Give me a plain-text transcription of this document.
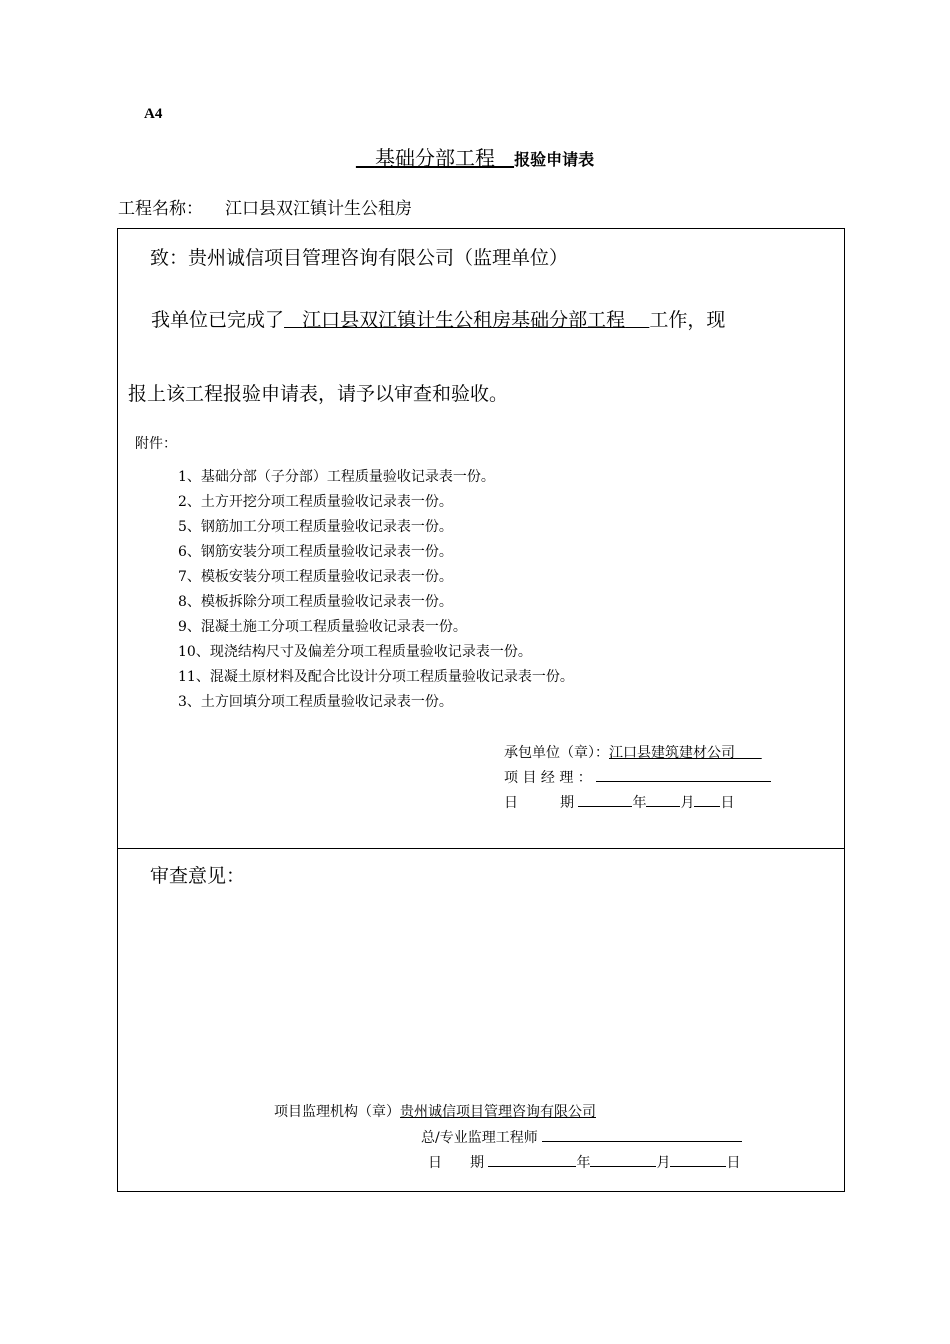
A4
基础分部工程 报验申请表
工程名称： 江口县双江镇计生公租房
致：贵州诚信项目管理咨询有限公司（监理单位）
我单位已完成了 江口县双江镇计生公租房基础分部工程 工作，现
报上该工程报验申请表，请予以审查和验收。
附件：
1、基础分部（子分部）工程质量验收记录表一份。
2、土方开挖分项工程质量验收记录表一份。
5、钢筋加工分项工程质量验收记录表一份。
6、钢筋安装分项工程质量验收记录表一份。
7、模板安装分项工程质量验收记录表一份。
8、模板拆除分项工程质量验收记录表一份。
9、混凝土施工分项工程质量验收记录表一份。
10、现浇结构尺寸及偏差分项工程质量验收记录表一份。
11、混凝土原材料及配合比设计分项工程质量验收记录表一份。
3、土方回填分项工程质量验收记录表一份。
承包单位（章）：江口县建筑建材公司
项 目 经 理 ：
日　　　期	年 月 日
审查意见：
项目监理机构（章）贵州诚信项目管理咨询有限公司
总/专业监理工程师
日　　期	年	月	日
